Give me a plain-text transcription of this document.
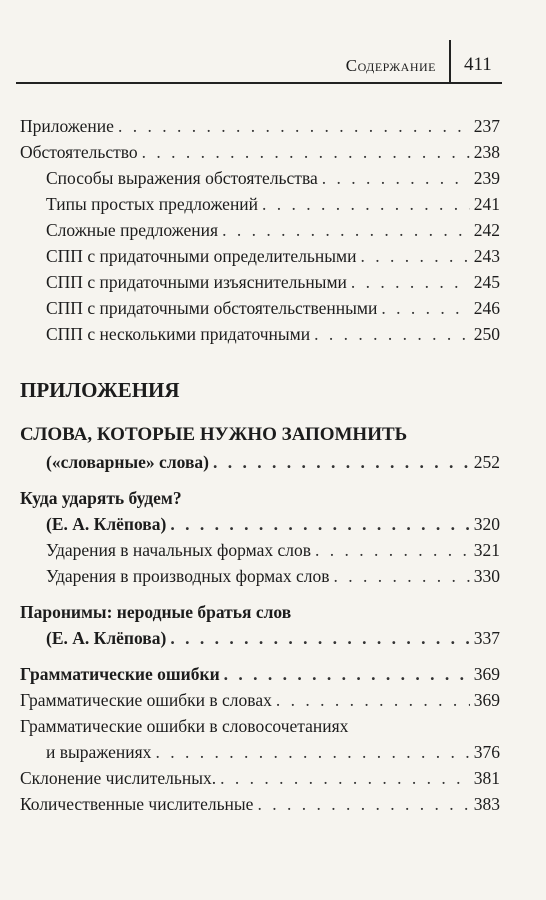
Содержание 411
Приложение . . .	237
Обстоятельство . . .	238
Способы выражения обстоятельства . . .	239
Типы простых предложений . . .	241
Сложные предложения . . .	242
СПП с придаточными определительными . . .	243
СПП с придаточными изъяснительными . . .	245
СПП с придаточными обстоятельственными . . .	246
СПП с несколькими придаточными . . .	250
ПРИЛОЖЕНИЯ
СЛОВА, КОТОРЫЕ НУЖНО ЗАПОМНИТЬ
(«словарные» слова) . . .	252
Куда ударять будем?
(Е. А. Клёпова) . . .	320
Ударения в начальных формах слов . . .	321
Ударения в производных формах слов . . .	330
Паронимы: неродные братья слов
(Е. А. Клёпова) . . .	337
Грамматические ошибки . . .	369
Грамматические ошибки в словах . . .	369
Грамматические ошибки в словосочетаниях
и выражениях . . .	376
Склонение числительных. . . .	381
Количественные числительные . . .	383
